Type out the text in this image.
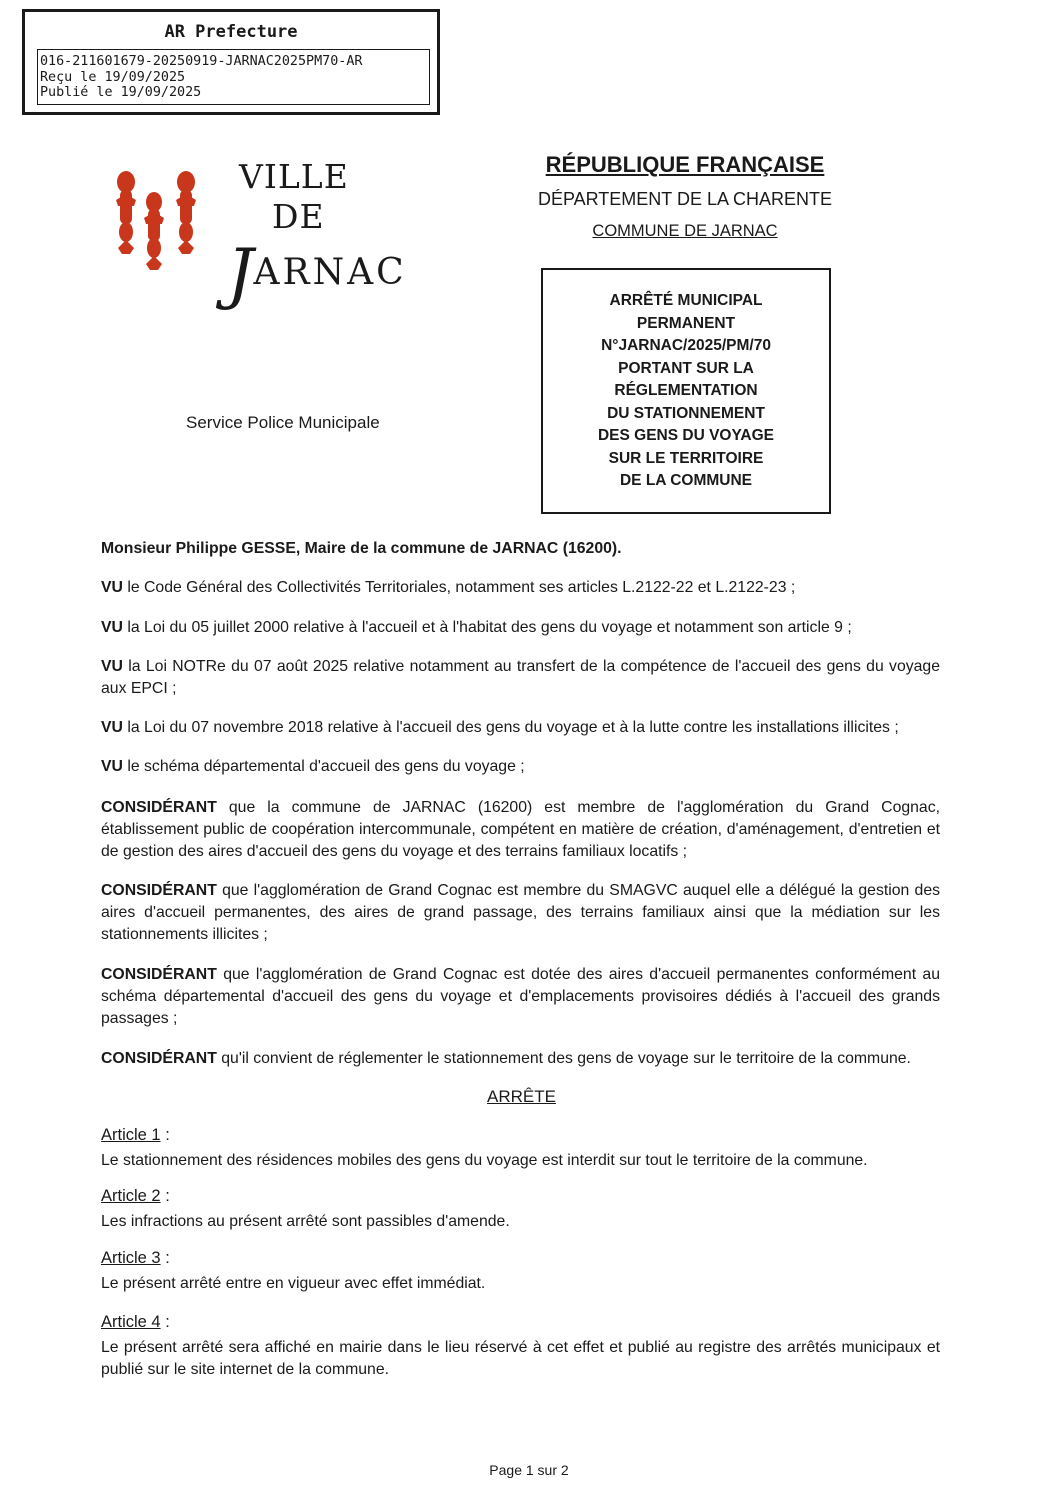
AR Prefecture
016-211601679-20250919-JARNAC2025PM70-AR
Reçu le 19/09/2025
Publié le 19/09/2025
VILLE
DE
JARNAC
RÉPUBLIQUE FRANÇAISE
DÉPARTEMENT DE LA CHARENTE
COMMUNE DE JARNAC
Service Police Municipale
ARRÊTÉ MUNICIPAL
PERMANENT
N°JARNAC/2025/PM/70
PORTANT SUR LA
RÉGLEMENTATION
DU STATIONNEMENT
DES GENS DU VOYAGE
SUR LE TERRITOIRE
DE LA COMMUNE
Monsieur Philippe GESSE, Maire de la commune de JARNAC (16200).
VU le Code Général des Collectivités Territoriales, notamment ses articles L.2122-22 et L.2122-23 ;
VU la Loi du 05 juillet 2000 relative à l'accueil et à l'habitat des gens du voyage et notamment son article 9 ;
VU la Loi NOTRe du 07 août 2025 relative notamment au transfert de la compétence de l'accueil des gens du voyage aux EPCI ;
VU la Loi du 07 novembre 2018 relative à l'accueil des gens du voyage et à la lutte contre les installations illicites ;
VU le schéma départemental d'accueil des gens du voyage ;
CONSIDÉRANT que la commune de JARNAC (16200) est membre de l'agglomération du Grand Cognac, établissement public de coopération intercommunale, compétent en matière de création, d'aménagement, d'entretien et de gestion des aires d'accueil des gens du voyage et des terrains familiaux locatifs ;
CONSIDÉRANT que l'agglomération de Grand Cognac est membre du SMAGVC auquel elle a délégué la gestion des aires d'accueil permanentes, des aires de grand passage, des terrains familiaux ainsi que la médiation sur les stationnements illicites ;
CONSIDÉRANT que l'agglomération de Grand Cognac est dotée des aires d'accueil permanentes conformément au schéma départemental d'accueil des gens du voyage et d'emplacements provisoires dédiés à l'accueil des grands passages ;
CONSIDÉRANT qu'il convient de réglementer le stationnement des gens de voyage sur le territoire de la commune.
ARRÊTE
Article 1 :
Le stationnement des résidences mobiles des gens du voyage est interdit sur tout le territoire de la commune.
Article 2 :
Les infractions au présent arrêté sont passibles d'amende.
Article 3 :
Le présent arrêté entre en vigueur avec effet immédiat.
Article 4 :
Le présent arrêté sera affiché en mairie dans le lieu réservé à cet effet et publié au registre des arrêtés municipaux et publié sur le site internet de la commune.
Page 1 sur 2
